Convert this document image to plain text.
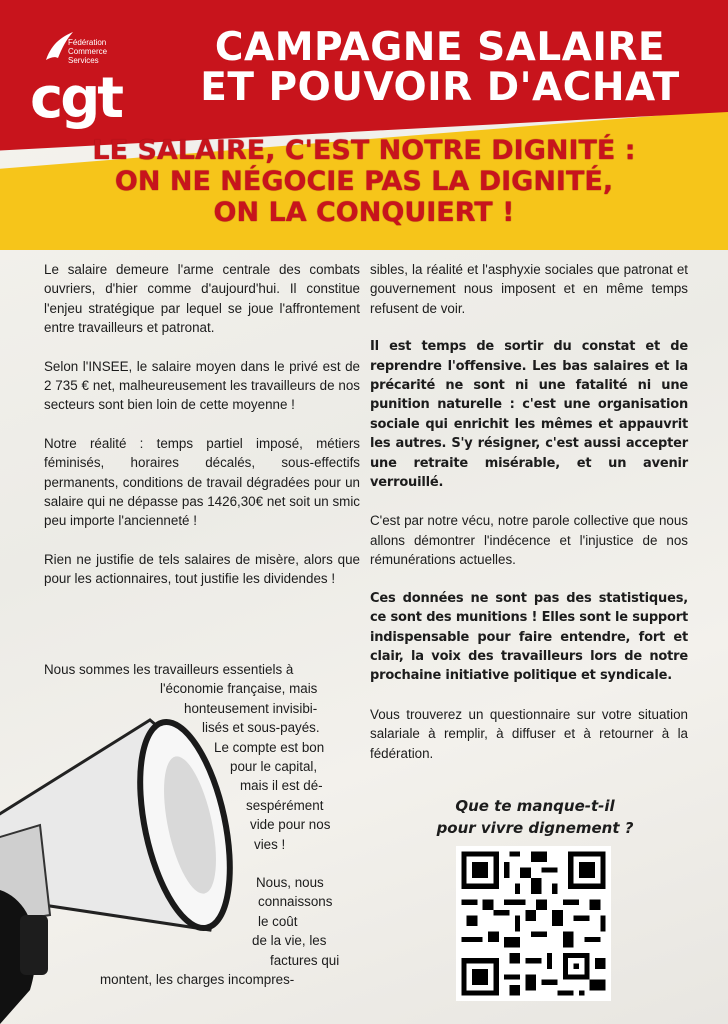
Fédération
Commerce
Services
cgt
CAMPAGNE SALAIRE
ET POUVOIR D'ACHAT
LE SALAIRE, C'EST NOTRE DIGNITÉ :
ON NE NÉGOCIE PAS LA DIGNITÉ,
ON LA CONQUIERT !

Le salaire demeure l'arme centrale des combats ouvriers, d'hier comme d'aujourd'hui. Il constitue l'enjeu stratégique par lequel se joue l'affrontement entre travailleurs et patronat.

Selon l'INSEE, le salaire moyen dans le privé est de 2 735 € net, malheureusement les travailleurs de nos secteurs sont bien loin de cette moyenne !

Notre réalité : temps partiel imposé, métiers féminisés, horaires décalés, sous-effectifs permanents, conditions de travail dégradées pour un salaire qui ne dépasse pas 1426,30€ net soit un smic peu importe l'ancienneté !

Rien ne justifie de tels salaires de misère, alors que pour les actionnaires, tout justifie les dividendes !

Nous sommes les travailleurs essentiels à
l'économie française, mais
honteusement invisibi-
lisés et sous-payés.
Le compte est bon
pour le capital,
mais il est dé-
sespérément
vide pour nos
vies !
Nous, nous
connaissons
le coût
de la vie, les
factures qui
montent, les charges incompres-

sibles, la réalité et l'asphyxie sociales que patronat et gouvernement nous imposent et en même temps refusent de voir.

Il est temps de sortir du constat et de reprendre l'offensive. Les bas salaires et la précarité ne sont ni une fatalité ni une punition naturelle : c'est une organisation sociale qui enrichit les mêmes et appauvrit les autres. S'y résigner, c'est aussi accepter une retraite misérable, et un avenir verrouillé.

C'est par notre vécu, notre parole collective que nous allons démontrer l'indécence et l'injustice de nos rémunérations actuelles.

Ces données ne sont pas des statistiques, ce sont des munitions ! Elles sont le support indispensable pour faire entendre, fort et clair, la voix des travailleurs lors de notre prochaine initiative politique et syndicale.

Vous trouverez un questionnaire sur votre situation salariale à remplir, à diffuser et à retourner à la fédération.

Que te manque-t-il
pour vivre dignement ?
